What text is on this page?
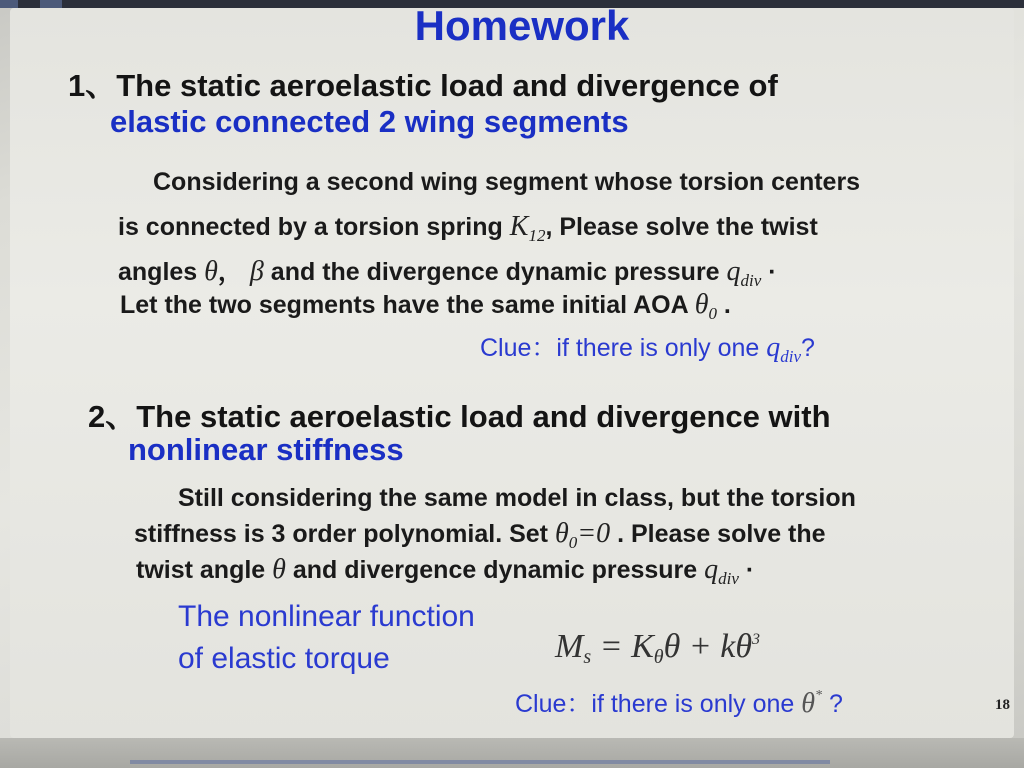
Homework
1、The static aeroelastic load and divergence of
elastic connected 2 wing segments
Considering a second wing segment whose torsion centers
is connected by a torsion spring $K_{12}$, Please solve the twist
angles θ， β and the divergence dynamic pressure $q_{div}$ ·
Let the two segments have the same initial AOA $\theta_0$ .
Clue：if there is only one $q_{div}$?
2、The static aeroelastic load and divergence with
nonlinear stiffness
Still considering the same model in class, but the torsion
stiffness is 3 order polynomial. Set $\theta_0=0$ . Please solve the
twist angle θ and divergence dynamic pressure $q_{div}$ ·
The nonlinear function
of elastic torque	$M_s = K_\theta\theta + k\theta^3$
Clue：if there is only one θ* ?	18
